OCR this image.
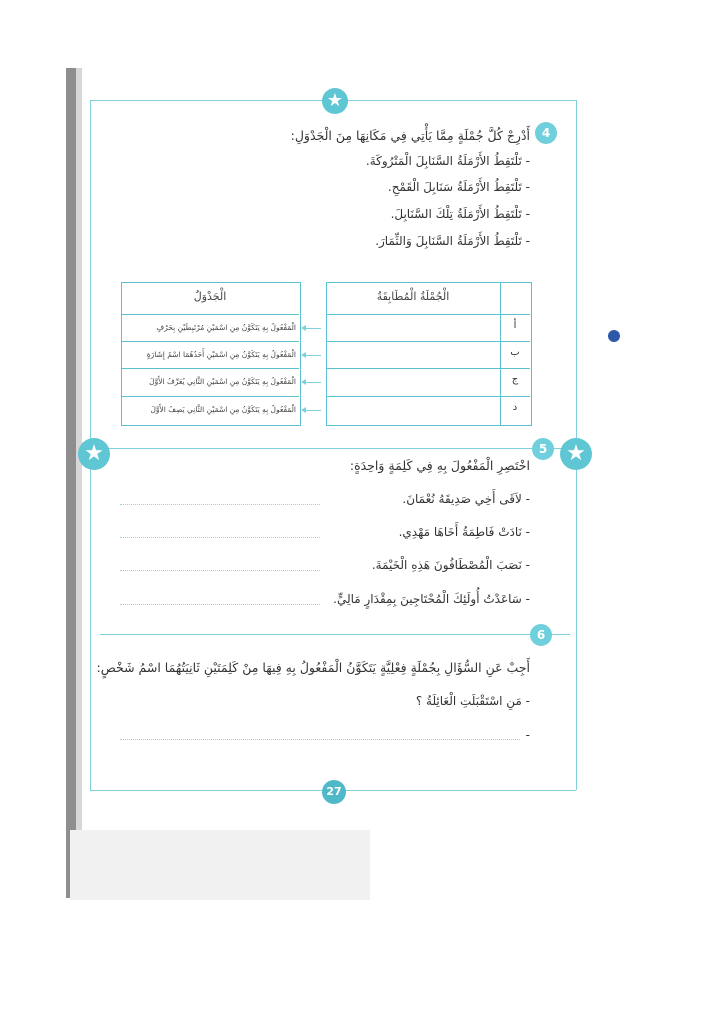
★
★	★
4
أَدْرِجْ كُلَّ جُمْلَةٍ مِمَّا يَأْتِي فِي مَكَانِهَا مِنَ الْجَدْوَلِ:
- تَلْتَقِطُ الأَرْمَلَةُ السَّنَابِلَ الْمَتْرُوكَةَ.
- تَلْتَقِطُ الأَرْمَلَةُ سَنَابِلَ الْقَمْحِ.
- تَلْتَقِطُ الأَرْمَلَةُ تِلْكَ السَّنَابِلَ.
- تَلْتَقِطُ الأَرْمَلَةُ السَّنَابِلَ وَالثِّمَارَ.
الْجَدْوَلُ
الْمَفْعُولُ بِهِ يَتَكَوَّنُ مِنِ اسْمَيْنِ مُرْتَبِطَيْنِ بِحَرْفٍ
الْمَفْعُولُ بِهِ يَتَكَوَّنُ مِنِ اسْمَيْنِ أَحَدُهُمَا اسْمُ إِشَارَةٍ
الْمَفْعُولُ بِهِ يَتَكَوَّنُ مِنِ اسْمَيْنِ الثَّانِي يُعَرِّفُ الأَوَّلَ
الْمَفْعُولُ بِهِ يَتَكَوَّنُ مِنِ اسْمَيْنِ الثَّانِي يَصِفُ الأَوَّلَ
الْجُمْلَةُ الْمُطَابِقَةُ
أ
ب
ج
د
5
اخْتَصِرِ الْمَفْعُولَ بِهِ فِي كَلِمَةٍ وَاحِدَةٍ:
- لاَقَى أَخِي صَدِيقَهُ نُعْمَانَ.
- نَادَتْ فَاطِمَةُ أَخَاهَا مَهْدِي.
- نَصَبَ الْمُصْطَافُونَ هَذِهِ الْخَيْمَةَ.
- سَاعَدْتُ أُولَئِكَ الْمُحْتَاجِينَ بِمِقْدَارٍ مَالِيٍّ.
6
أَجِبْ عَنِ السُّؤَالِ بِجُمْلَةٍ فِعْلِيَّةٍ يَتَكَوَّنُ الْمَفْعُولُ بِهِ فِيهَا مِنْ كَلِمَتَيْنِ ثَانِيَتُهُمَا اسْمُ شَخْصٍ:
- مَنِ اسْتَقْبَلَتِ الْعَائِلَةُ ؟
-
27
